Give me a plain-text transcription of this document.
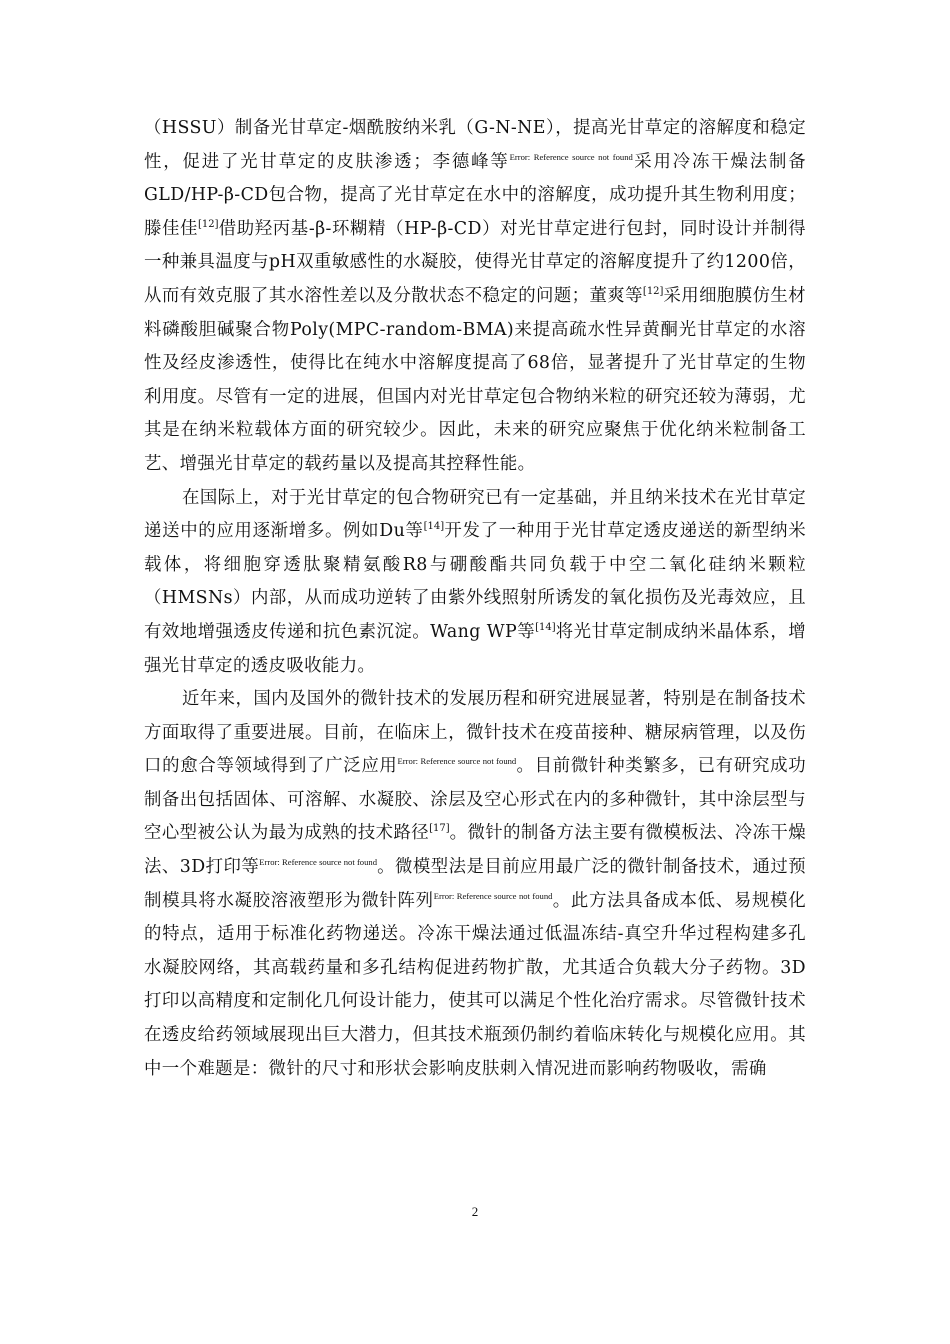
（HSSU）制备光甘草定-烟酰胺纳米乳（G-N-NE），提高光甘草定的溶解度和稳定性，促进了光甘草定的皮肤渗透；李德峰等$^{Error: Reference source not found}$采用冷冻干燥法制备GLD/HP-β-CD包合物，提高了光甘草定在水中的溶解度，成功提升其生物利用度；滕佳佳[12]借助羟丙基-β-环糊精（HP-β-CD）对光甘草定进行包封，同时设计并制得一种兼具温度与pH双重敏感性的水凝胶，使得光甘草定的溶解度提升了约1200倍，从而有效克服了其水溶性差以及分散状态不稳定的问题；董爽等[12]采用细胞膜仿生材料磷酸胆碱聚合物Poly(MPC-random-BMA)来提高疏水性异黄酮光甘草定的水溶性及经皮渗透性，使得比在纯水中溶解度提高了68倍，显著提升了光甘草定的生物利用度。尽管有一定的进展，但国内对光甘草定包合物纳米粒的研究还较为薄弱，尤其是在纳米粒载体方面的研究较少。因此，未来的研究应聚焦于优化纳米粒制备工艺、增强光甘草定的载药量以及提高其控释性能。

在国际上，对于光甘草定的包合物研究已有一定基础，并且纳米技术在光甘草定递送中的应用逐渐增多。例如Du等[14]开发了一种用于光甘草定透皮递送的新型纳米载体，将细胞穿透肽聚精氨酸R8与硼酸酯共同负载于中空二氧化硅纳米颗粒（HMSNs）内部，从而成功逆转了由紫外线照射所诱发的氧化损伤及光毒效应，且有效地增强透皮传递和抗色素沉淀。Wang WP等[14]将光甘草定制成纳米晶体系，增强光甘草定的透皮吸收能力。

近年来，国内及国外的微针技术的发展历程和研究进展显著，特别是在制备技术方面取得了重要进展。目前，在临床上，微针技术在疫苗接种、糖尿病管理，以及伤口的愈合等领域得到了广泛应用$^{Error: Reference source not found}$。目前微针种类繁多，已有研究成功制备出包括固体、可溶解、水凝胶、涂层及空心形式在内的多种微针，其中涂层型与空心型被公认为最为成熟的技术路径[17]。微针的制备方法主要有微模板法、冷冻干燥法、3D打印等$^{Error: Reference source not found}$。微模型法是目前应用最广泛的微针制备技术，通过预制模具将水凝胶溶液塑形为微针阵列$^{Error: Reference source not found}$。此方法具备成本低、易规模化的特点，适用于标准化药物递送。冷冻干燥法通过低温冻结-真空升华过程构建多孔水凝胶网络，其高载药量和多孔结构促进药物扩散，尤其适合负载大分子药物。3D打印以高精度和定制化几何设计能力，使其可以满足个性化治疗需求。尽管微针技术在透皮给药领域展现出巨大潜力，但其技术瓶颈仍制约着临床转化与规模化应用。其中一个难题是：微针的尺寸和形状会影响皮肤刺入情况进而影响药物吸收，需确

2
